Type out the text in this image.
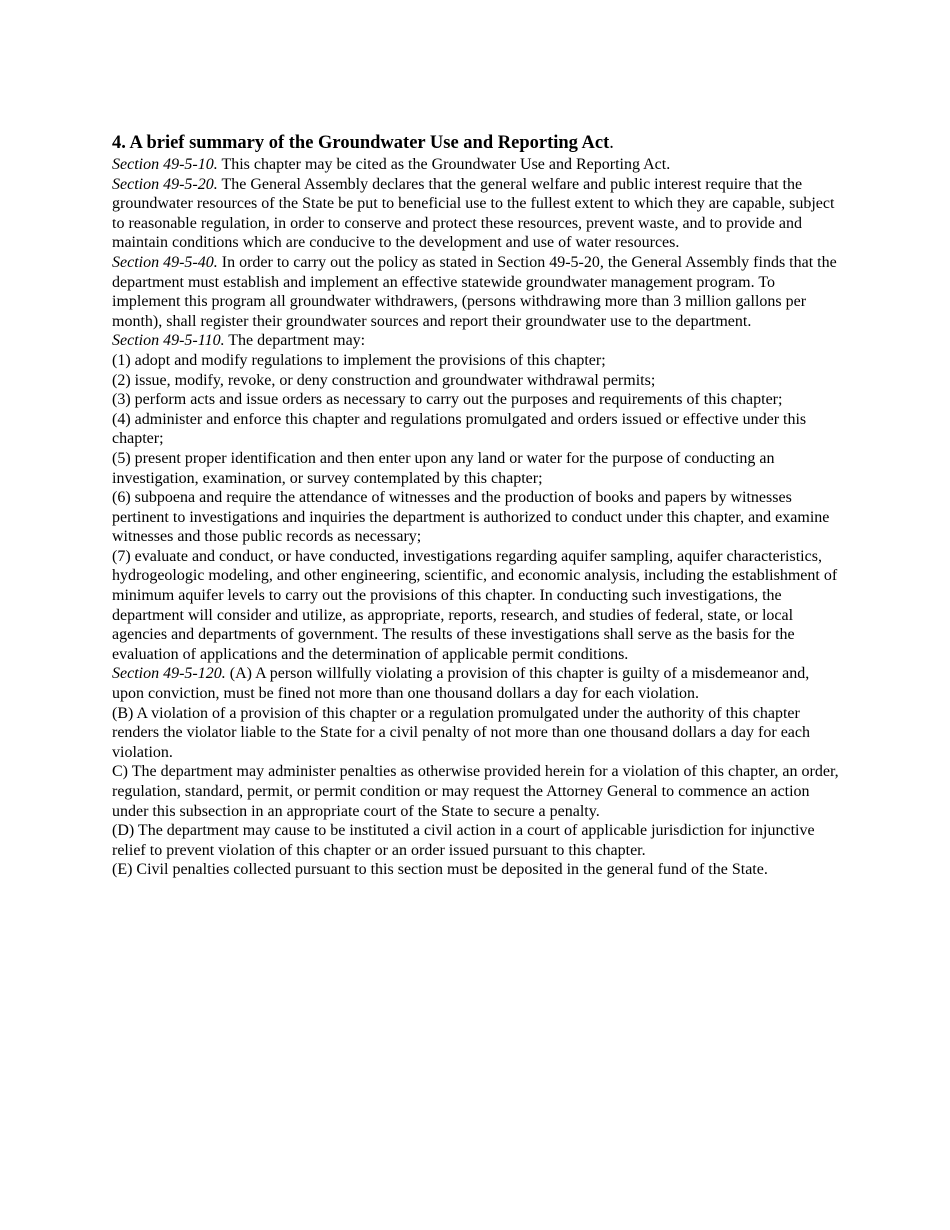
4. A brief summary of the Groundwater Use and Reporting Act.

Section 49-5-10. This chapter may be cited as the Groundwater Use and Reporting Act.

Section 49-5-20. The General Assembly declares that the general welfare and public interest require that the groundwater resources of the State be put to beneficial use to the fullest extent to which they are capable, subject to reasonable regulation, in order to conserve and protect these resources, prevent waste, and to provide and maintain conditions which are conducive to the development and use of water resources.

Section 49-5-40. In order to carry out the policy as stated in Section 49-5-20, the General Assembly finds that the department must establish and implement an effective statewide groundwater management program. To implement this program all groundwater withdrawers, (persons withdrawing more than 3 million gallons per month), shall register their groundwater sources and report their groundwater use to the department.

Section 49-5-110. The department may:

(1) adopt and modify regulations to implement the provisions of this chapter;

(2) issue, modify, revoke, or deny construction and groundwater withdrawal permits;

(3) perform acts and issue orders as necessary to carry out the purposes and requirements of this chapter;

(4) administer and enforce this chapter and regulations promulgated and orders issued or effective under this chapter;

(5) present proper identification and then enter upon any land or water for the purpose of conducting an investigation, examination, or survey contemplated by this chapter;

(6) subpoena and require the attendance of witnesses and the production of books and papers by witnesses pertinent to investigations and inquiries the department is authorized to conduct under this chapter, and examine witnesses and those public records as necessary;

(7) evaluate and conduct, or have conducted, investigations regarding aquifer sampling, aquifer characteristics, hydrogeologic modeling, and other engineering, scientific, and economic analysis, including the establishment of minimum aquifer levels to carry out the provisions of this chapter. In conducting such investigations, the department will consider and utilize, as appropriate, reports, research, and studies of federal, state, or local agencies and departments of government. The results of these investigations shall serve as the basis for the evaluation of applications and the determination of applicable permit conditions.

Section 49-5-120. (A) A person willfully violating a provision of this chapter is guilty of a misdemeanor and, upon conviction, must be fined not more than one thousand dollars a day for each violation.

(B) A violation of a provision of this chapter or a regulation promulgated under the authority of this chapter renders the violator liable to the State for a civil penalty of not more than one thousand dollars a day for each violation.

C) The department may administer penalties as otherwise provided herein for a violation of this chapter, an order, regulation, standard, permit, or permit condition or may request the Attorney General to commence an action under this subsection in an appropriate court of the State to secure a penalty.

(D) The department may cause to be instituted a civil action in a court of applicable jurisdiction for injunctive relief to prevent violation of this chapter or an order issued pursuant to this chapter.

(E) Civil penalties collected pursuant to this section must be deposited in the general fund of the State.
